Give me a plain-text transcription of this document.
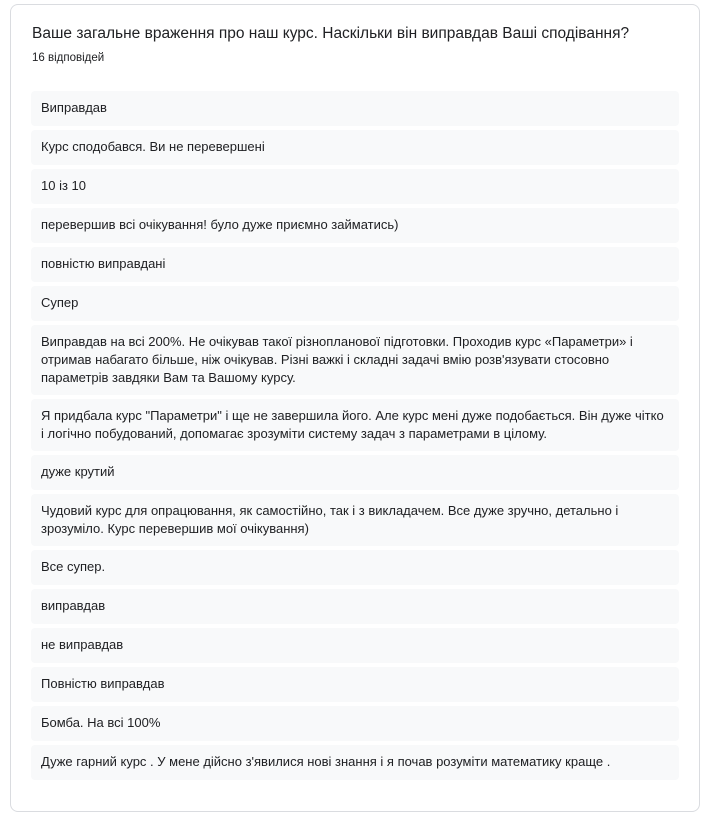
Ваше загальне враження про наш курс. Наскільки він виправдав Ваші сподівання?
16 відповідей
Виправдав
Курс сподобався. Ви не перевершені
10 із 10
перевершив всі очікування! було дуже приємно займатись)
повністю виправдані
Супер
Виправдав на всі 200%. Не очікував такої різнопланової підготовки. Проходив курс «Параметри» і отримав набагато більше, ніж очікував. Різні важкі і складні задачі вмію розв'язувати стосовно параметрів завдяки Вам та Вашому курсу.
Я придбала курс "Параметри" і ще не завершила його. Але курс мені дуже подобається. Він дуже чітко і логічно побудований, допомагає зрозуміти систему задач з параметрами в цілому.
дуже крутий
Чудовий курс для опрацювання, як самостійно, так і з викладачем. Все дуже зручно, детально і зрозуміло. Курс перевершив мої очікування)
Все супер.
виправдав
не виправдав
Повністю виправдав
Бомба. На всі 100%
Дуже гарний курс . У мене дійсно з'явилися нові знання і я почав розуміти математику краще .
